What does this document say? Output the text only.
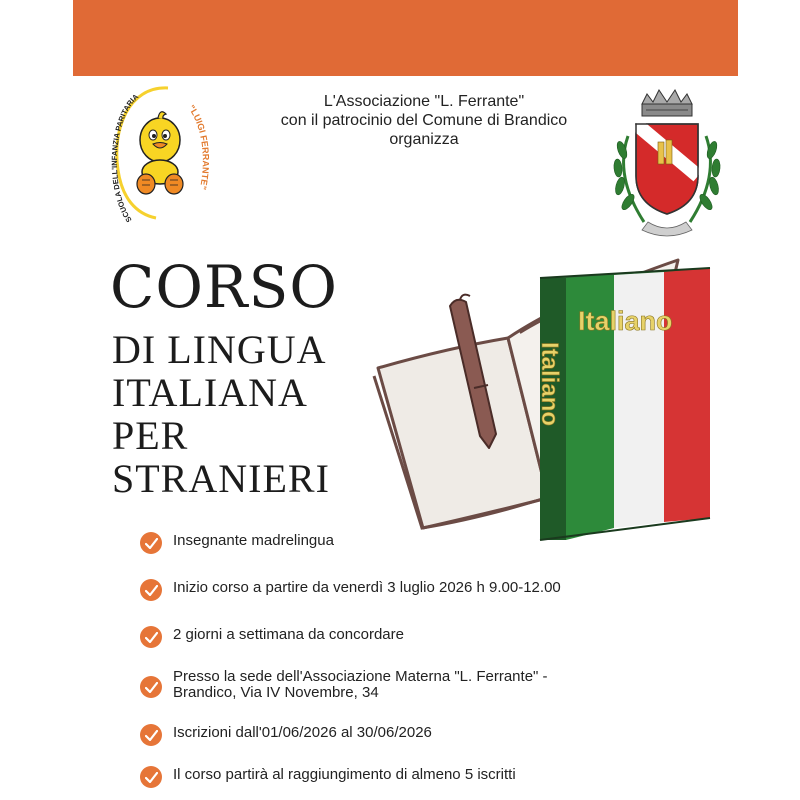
SCUOLA DELL'INFANZIA PARITARIA
"LUIGI FERRANTE"
L'Associazione "L. Ferrante"
con il patrocinio del Comune di Brandico
organizza
CORSO
DI LINGUA
ITALIANA
PER
STRANIERI
Italiano
Italiano
Insegnante madrelingua
Inizio corso a partire da venerdì 3 luglio 2026 h 9.00-12.00
2 giorni a settimana da concordare
Presso la sede dell'Associazione Materna "L. Ferrante" -
Brandico, Via IV Novembre, 34
Iscrizioni dall'01/06/2026 al 30/06/2026
Il corso partirà al raggiungimento di almeno 5 iscritti
